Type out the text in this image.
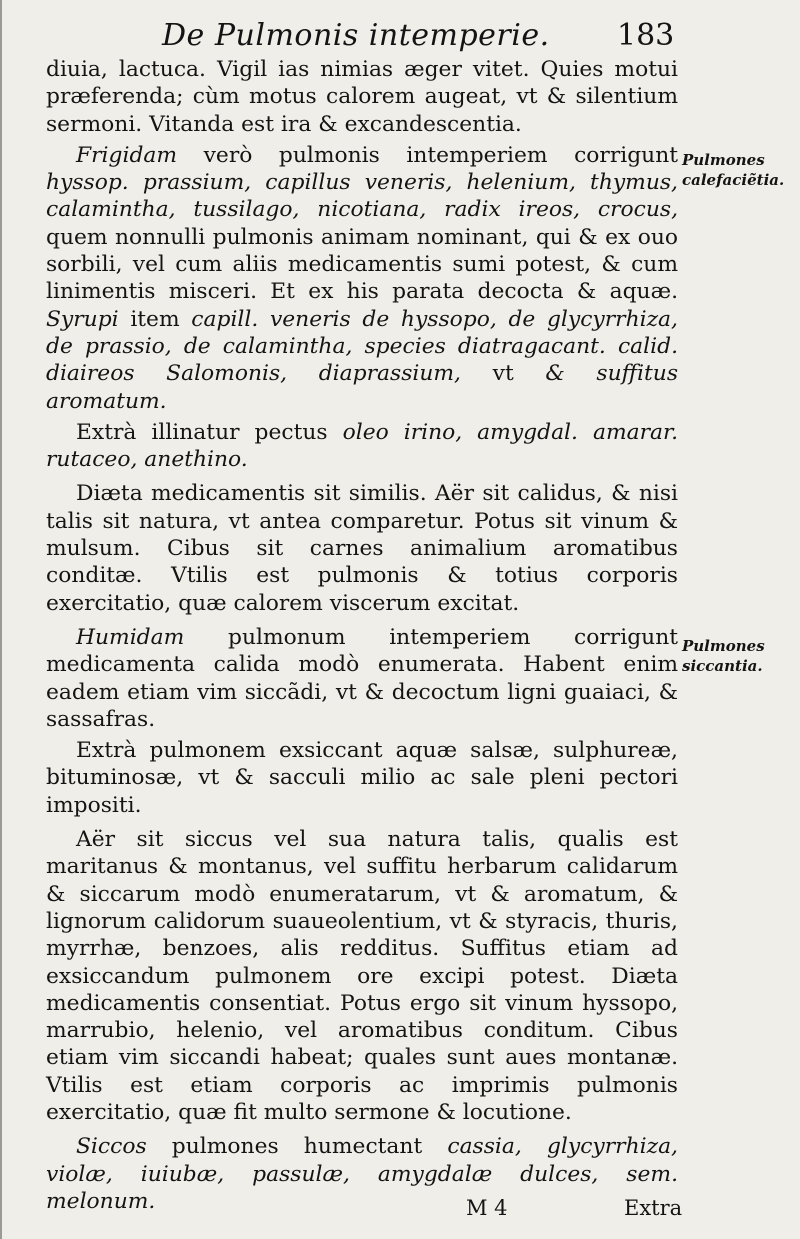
De Pulmonis intemperie. 183

diuia, lactuca. Vigil ias nimias æger vitet. Quies motui præferenda; cùm motus calorem augeat, vt & silentium sermoni. Vitanda est ira & excandescentia.

Frigidam verò pulmonis intemperiem corrigunt hyssop. prassium, capillus veneris, helenium, thymus, calamintha, tussilago, nicotiana, radix ireos, crocus, quem nonnulli pulmonis animam nominant, qui & ex ouo sorbili, vel cum aliis medicamentis sumi potest, & cum linimentis misceri. Et ex his parata decocta & aquæ. Syrupi item capill. veneris de hyssopo, de glycyrrhiza, de prassio, de calamintha, species diatragacant. calid. diaireos Salomonis, diaprassium, vt & suffitus aromatum.

Extrà illinatur pectus oleo irino, amygdal. amarar. rutaceo, anethino.

Diæta medicamentis sit similis. Aër sit calidus, & nisi talis sit natura, vt antea comparetur. Potus sit vinum & mulsum. Cibus sit carnes animalium aromatibus conditæ. Vtilis est pulmonis & totius corporis exercitatio, quæ calorem viscerum excitat.

Humidam pulmonum intemperiem corrigunt medicamenta calida modò enumerata. Habent enim eadem etiam vim siccãdi, vt & decoctum ligni guaiaci, & sassafras.

Extrà pulmonem exsiccant aquæ salsæ, sulphureæ, bituminosæ, vt & sacculi milio ac sale pleni pectori impositi.

Aër sit siccus vel sua natura talis, qualis est maritanus & montanus, vel suffitu herbarum calidarum & siccarum modò enumeratarum, vt & aromatum, & lignorum calidorum suaueolentium, vt & styracis, thuris, myrrhæ, benzoes, alis redditus. Suffitus etiam ad exsiccandum pulmonem ore excipi potest. Diæta medicamentis consentiat. Potus ergo sit vinum hyssopo, marrubio, helenio, vel aromatibus conditum. Cibus etiam vim siccandi habeat; quales sunt aues montanæ. Vtilis est etiam corporis ac imprimis pulmonis exercitatio, quæ fit multo sermone & locutione.

Siccos pulmones humectant cassia, glycyrrhiza, violæ, iuiubæ, passulæ, amygdalæ dulces, sem. melonum.

Pulmones calefaciẽtia.
Pulmones siccantia.
M 4	Extra
